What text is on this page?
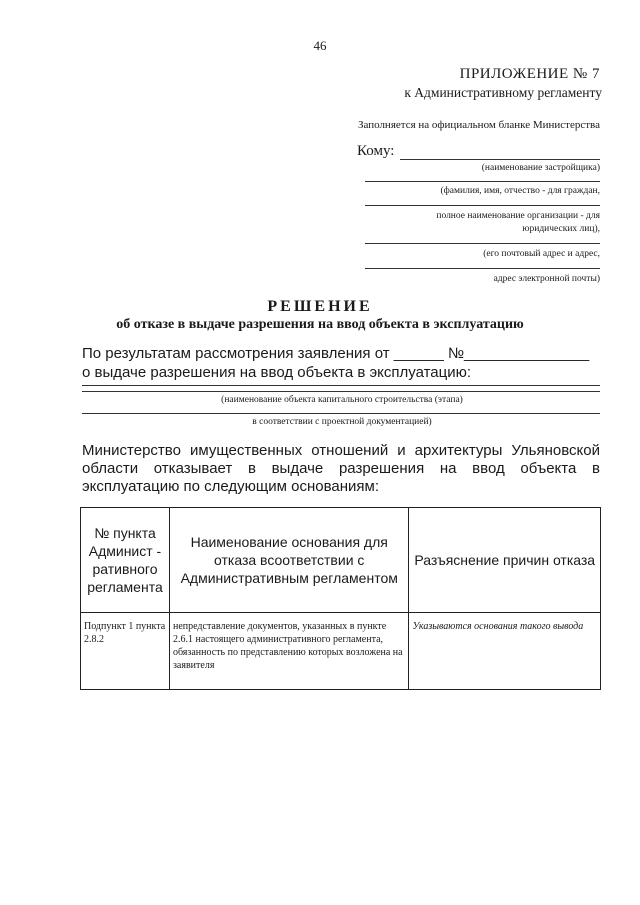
46
ПРИЛОЖЕНИЕ № 7
к Административному регламенту
Заполняется на официальном бланке Министерства
Кому:
(наименование застройщика)
(фамилия, имя, отчество - для граждан,
полное наименование организации - для
юридических лиц),
(его почтовый адрес и адрес,
адрес электронной почты)
РЕШЕНИЕ
об отказе в выдаче разрешения на ввод объекта в эксплуатацию
По результатам рассмотрения заявления от ______ №_______________
о выдаче разрешения на ввод объекта в эксплуатацию:
(наименование объекта капитального строительства (этапа)
в соответствии с проектной документацией)
Министерство имущественных отношений и архитектуры Ульяновской области отказывает в выдаче разрешения на ввод объекта в эксплуатацию по следующим основаниям:
№ пункта Админист - ративного регламента	Наименование основания для отказа всоответствии с Административным регламентом	Разъяснение причин отказа
Подпункт 1 пункта 2.8.2	непредставление документов, указанных в пункте 2.6.1 настоящего административного регламента, обязанность по представлению которых возложена на заявителя	Указываются основания такого вывода
